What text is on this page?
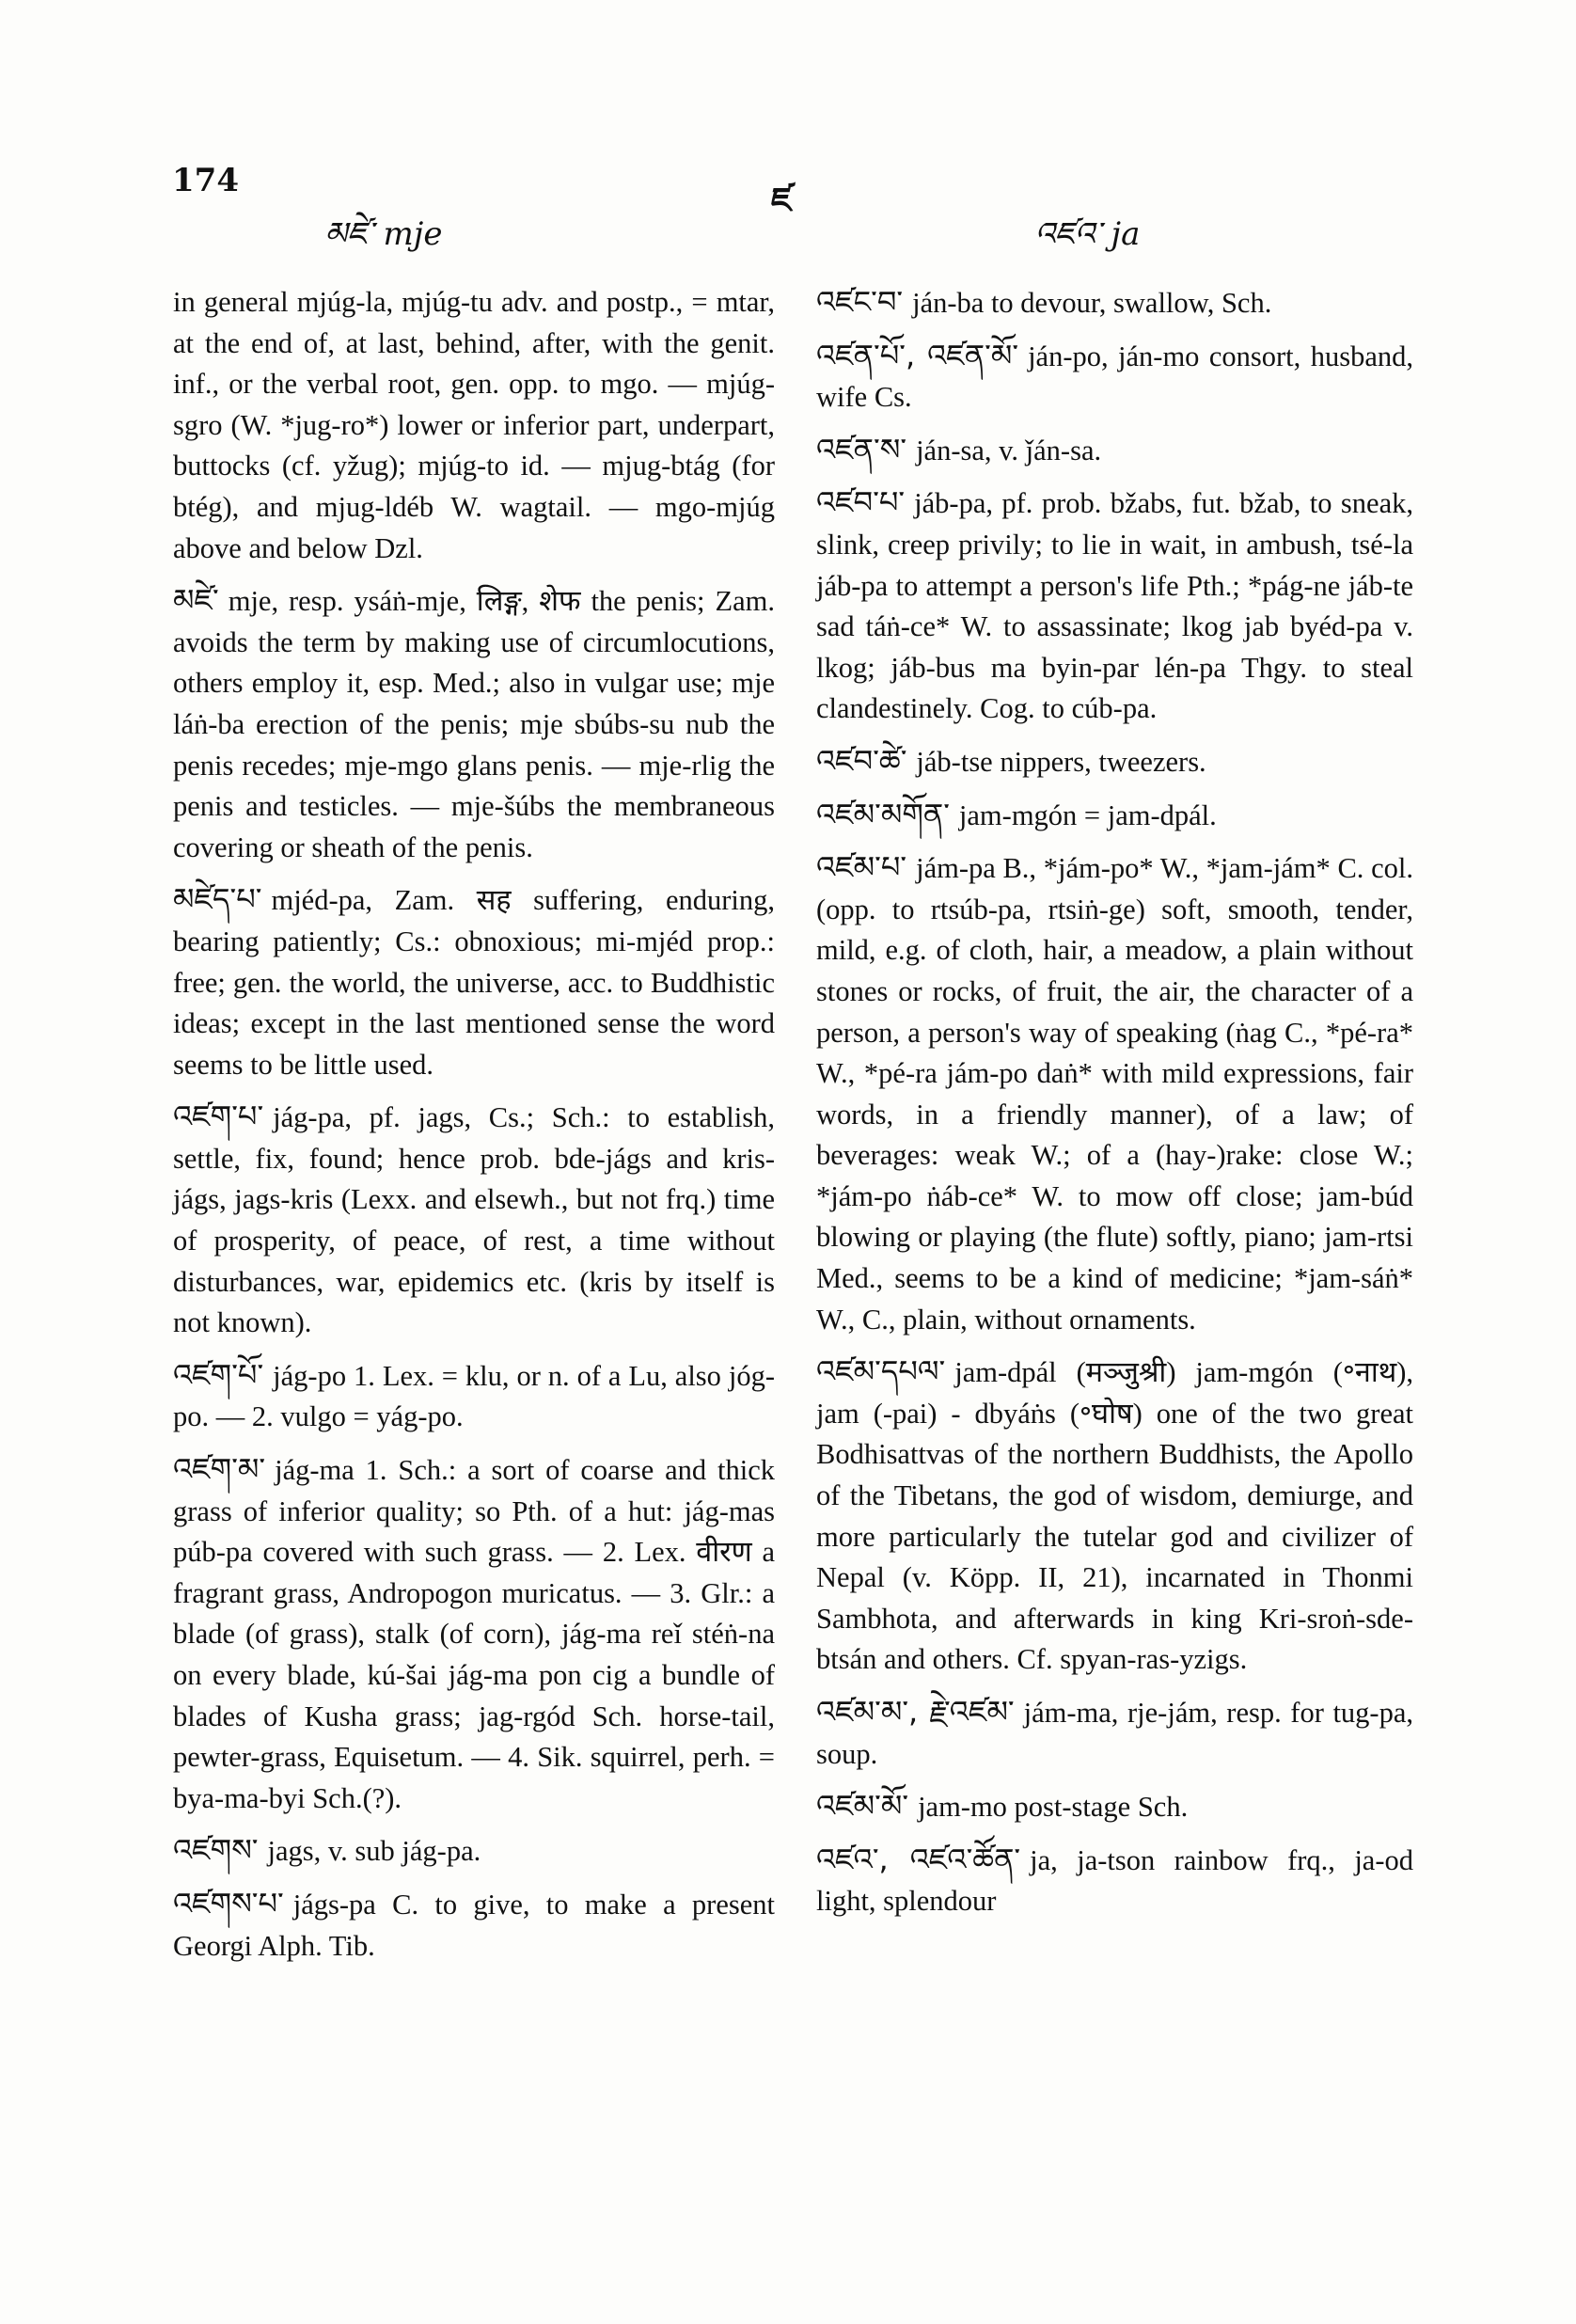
174
ཛ
མཛེ་ mje	འཛའ་ ja

in general mjúg-la, mjúg-tu adv. and postp., = mtar, at the end of, at last, behind, after, with the genit. inf., or the verbal root, gen. opp. to mgo. — mjúg-sgro (W. *jug-ro*) lower or inferior part, underpart, buttocks (cf. yžug); mjúg-to id. — mjug-btág (for btég), and mjug-ldéb W. wagtail. — mgo-mjúg above and below Dzl.

མཛེ་ mje, resp. ysáṅ-mje, लिङ्ग, शेफ the penis; Zam. avoids the term by making use of circumlocutions, others employ it, esp. Med.; also in vulgar use; mje láṅ-ba erection of the penis; mje sbúbs-su nub the penis recedes; mje-mgo glans penis. — mje-rlig the penis and testicles. — mje-šúbs the membraneous covering or sheath of the penis.

མཛེད་པ་ mjéd-pa, Zam. सह suffering, enduring, bearing patiently; Cs.: obnoxious; mi-mjéd prop.: free; gen. the world, the universe, acc. to Buddhistic ideas; except in the last mentioned sense the word seems to be little used.

འཛག་པ་ jág-pa, pf. jags, Cs.; Sch.: to establish, settle, fix, found; hence prob. bde-jágs and kris-jágs, jags-kris (Lexx. and elsewh., but not frq.) time of prosperity, of peace, of rest, a time without disturbances, war, epidemics etc. (kris by itself is not known).

འཛག་པོ་ jág-po 1. Lex. = klu, or n. of a Lu, also jóg-po. — 2. vulgo = yág-po.

འཛག་མ་ jág-ma 1. Sch.: a sort of coarse and thick grass of inferior quality; so Pth. of a hut: jág-mas púb-pa covered with such grass. — 2. Lex. वीरण a fragrant grass, Andropogon muricatus. — 3. Glr.: a blade (of grass), stalk (of corn), jág-ma reǐ stéṅ-na on every blade, kú-šai jág-ma pon cig a bundle of blades of Kusha grass; jag-rgód Sch. horse-tail, pewter-grass, Equisetum. — 4. Sik. squirrel, perh. = bya-ma-byi Sch.(?).

འཛགས་ jags, v. sub jág-pa.

འཛགས་པ་ jágs-pa C. to give, to make a present Georgi Alph. Tib.

འཛང་བ་ ján-ba to devour, swallow, Sch.

འཛན་པོ་, འཛན་མོ་ ján-po, ján-mo consort, husband, wife Cs.

འཛན་ས་ ján-sa, v. ǰán-sa.

འཛབ་པ་ jáb-pa, pf. prob. bžabs, fut. bžab, to sneak, slink, creep privily; to lie in wait, in ambush, tsé-la jáb-pa to attempt a person's life Pth.; *pág-ne jáb-te sad táṅ-ce* W. to assassinate; lkog jab byéd-pa v. lkog; jáb-bus ma byin-par lén-pa Thgy. to steal clandestinely. Cog. to cúb-pa.

འཛབ་ཚེ་ jáb-tse nippers, tweezers.

འཛམ་མགོན་ jam-mgón = jam-dpál.

འཛམ་པ་ jám-pa B., *jám-po* W., *jam-jám* C. col. (opp. to rtsúb-pa, rtsiṅ-ge) soft, smooth, tender, mild, e.g. of cloth, hair, a meadow, a plain without stones or rocks, of fruit, the air, the character of a person, a person's way of speaking (ṅag C., *pé-ra* W., *pé-ra jám-po daṅ* with mild expressions, fair words, in a friendly manner), of a law; of beverages: weak W.; of a (hay-)rake: close W.; *jám-po ṅáb-ce* W. to mow off close; jam-búd blowing or playing (the flute) softly, piano; jam-rtsi Med., seems to be a kind of medicine; *jam-sáṅ* W., C., plain, without ornaments.

འཛམ་དཔལ་ jam-dpál (मञ्जुश्री) jam-mgón (॰नाथ), jam (-pai) - dbyáṅs (॰घोष) one of the two great Bodhisattvas of the northern Buddhists, the Apollo of the Tibetans, the god of wisdom, demiurge, and more particularly the tutelar god and civilizer of Nepal (v. Köpp. II, 21), incarnated in Thonmi Sambhota, and afterwards in king Kri-sroṅ-sde-btsán and others. Cf. spyan-ras-yzigs.

འཛམ་མ་, རྗེ་འཛམ་ jám-ma, rje-jám, resp. for tug-pa, soup.

འཛམ་མོ་ jam-mo post-stage Sch.

འཛའ་, འཛའ་ཚོན་ ja, ja-tson rainbow frq., ja-od light, splendour
